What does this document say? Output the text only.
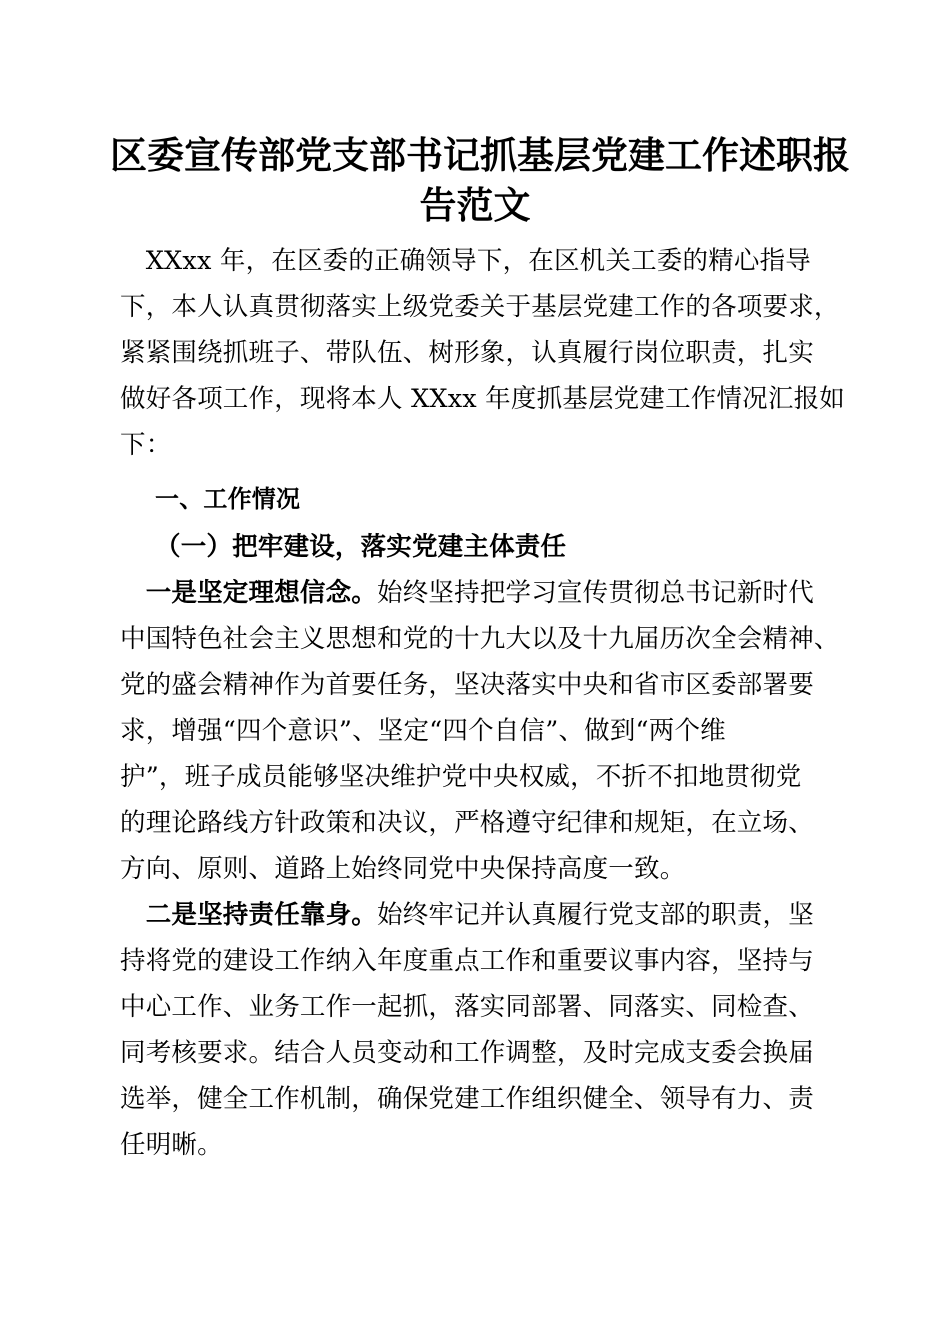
区委宣传部党支部书记抓基层党建工作述职报
告范文
　XXxx 年，在区委的正确领导下，在区机关工委的精心指导
下，本人认真贯彻落实上级党委关于基层党建工作的各项要求，
紧紧围绕抓班子、带队伍、树形象，认真履行岗位职责，扎实
做好各项工作，现将本人 XXxx 年度抓基层党建工作情况汇报如
下：
一、工作情况
（一）把牢建设，落实党建主体责任
　一是坚定理想信念。始终坚持把学习宣传贯彻总书记新时代
中国特色社会主义思想和党的十九大以及十九届历次全会精神、
党的盛会精神作为首要任务，坚决落实中央和省市区委部署要
求，增强“四个意识”、坚定“四个自信”、做到“两个维
护”，班子成员能够坚决维护党中央权威，不折不扣地贯彻党
的理论路线方针政策和决议，严格遵守纪律和规矩，在立场、
方向、原则、道路上始终同党中央保持高度一致。
　二是坚持责任靠身。始终牢记并认真履行党支部的职责，坚
持将党的建设工作纳入年度重点工作和重要议事内容，坚持与
中心工作、业务工作一起抓，落实同部署、同落实、同检查、
同考核要求。结合人员变动和工作调整，及时完成支委会换届
选举，健全工作机制，确保党建工作组织健全、领导有力、责
任明晰。
